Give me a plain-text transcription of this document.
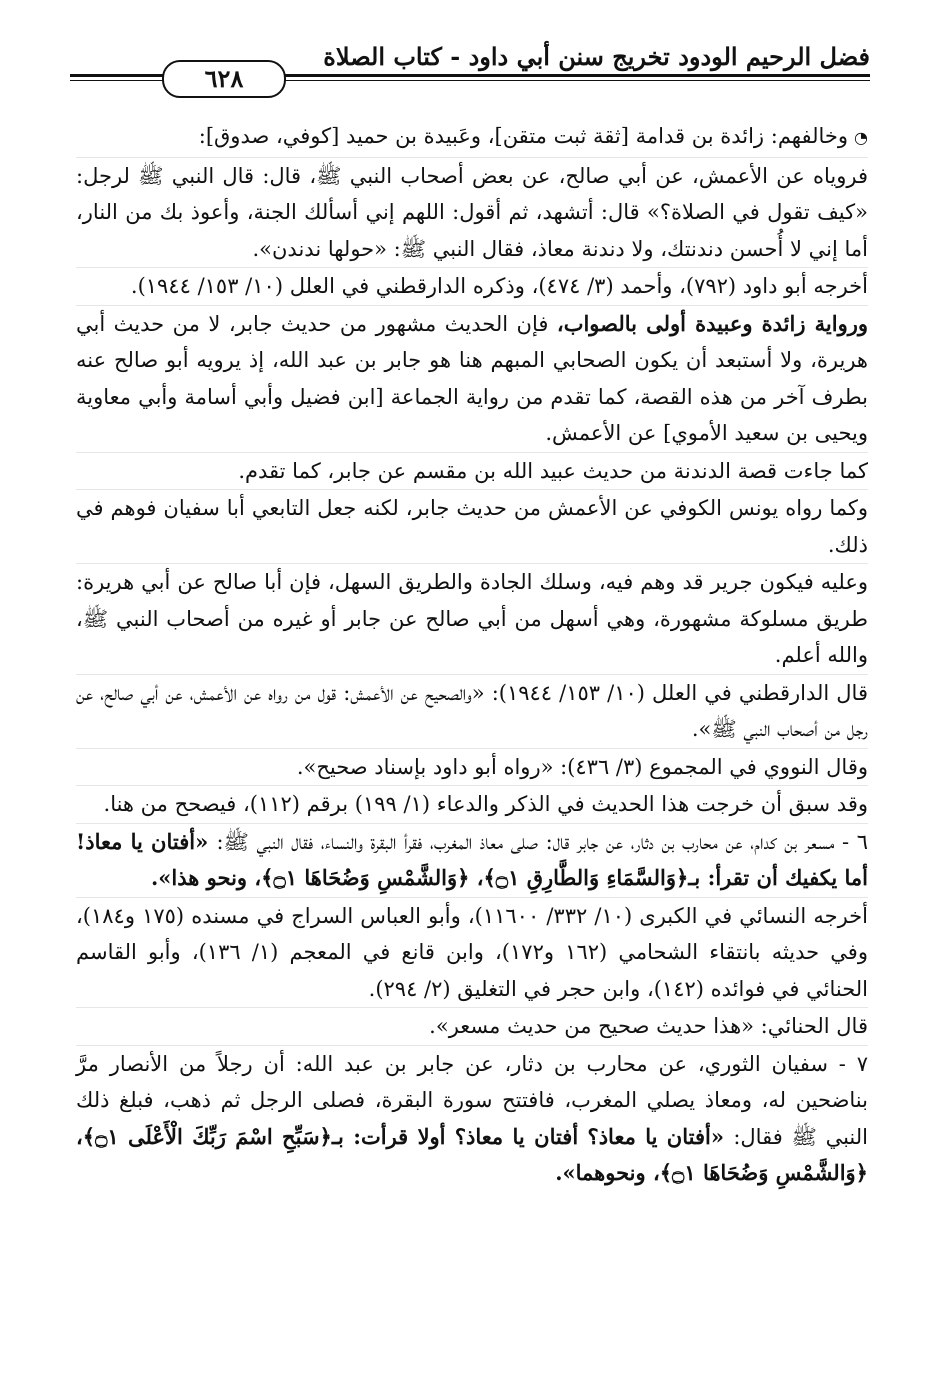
فضل الرحيم الودود تخريج سنن أبي داود - كتاب الصلاة
٦٢٨

◔وخالفهم: زائدة بن قدامة [ثقة ثبت متقن]، وعَبيدة بن حميد [كوفي، صدوق]:

فروياه عن الأعمش، عن أبي صالح، عن بعض أصحاب النبي ﷺ، قال: قال النبي ﷺ لرجل: «كيف تقول في الصلاة؟» قال: أتشهد، ثم أقول: اللهم إني أسألك الجنة، وأعوذ بك من النار، أما إني لا أُحسن دندنتك، ولا دندنة معاذ، فقال النبي ﷺ: «حولها ندندن».

أخرجه أبو داود (٧٩٢)، وأحمد (٣/ ٤٧٤)، وذكره الدارقطني في العلل (١٠/ ١٥٣/ ١٩٤٤).

ورواية زائدة وعبيدة أولى بالصواب، فإن الحديث مشهور من حديث جابر، لا من حديث أبي هريرة، ولا أستبعد أن يكون الصحابي المبهم هنا هو جابر بن عبد الله، إذ يرويه أبو صالح عنه بطرف آخر من هذه القصة، كما تقدم من رواية الجماعة [ابن فضيل وأبي أسامة وأبي معاوية ويحيى بن سعيد الأموي] عن الأعمش.

كما جاءت قصة الدندنة من حديث عبيد الله بن مقسم عن جابر، كما تقدم.

وكما رواه يونس الكوفي عن الأعمش من حديث جابر، لكنه جعل التابعي أبا سفيان فوهم في ذلك.

وعليه فيكون جرير قد وهم فيه، وسلك الجادة والطريق السهل، فإن أبا صالح عن أبي هريرة: طريق مسلوكة مشهورة، وهي أسهل من أبي صالح عن جابر أو غيره من أصحاب النبي ﷺ، والله أعلم.

قال الدارقطني في العلل (١٠/ ١٥٣/ ١٩٤٤): «والصحيح عن الأعمش: قول من رواه عن الأعمش، عن أبي صالح، عن رجل من أصحاب النبي ﷺ».

وقال النووي في المجموع (٣/ ٤٣٦): «رواه أبو داود بإسناد صحيح».

وقد سبق أن خرجت هذا الحديث في الذكر والدعاء (١/ ١٩٩) برقم (١١٢)، فيصحح من هنا.

٦ - مسعر بن كدام، عن محارب بن دثار، عن جابر قال: صلى معاذ المغرب، فقرأ البقرة والنساء، فقال النبي ﷺ: «أفتان يا معاذ! أما يكفيك أن تقرأ: بـ﴿وَالسَّمَاءِ وَالطَّارِقِ ۝١﴾، ﴿وَالشَّمْسِ وَضُحَاهَا ۝١﴾، ونحو هذا».

أخرجه النسائي في الكبرى (١٠/ ٣٣٢/ ١١٦٠٠)، وأبو العباس السراج في مسنده (١٧٥ و١٨٤)، وفي حديثه بانتقاء الشحامي (١٦٢ و١٧٢)، وابن قانع في المعجم (١/ ١٣٦)، وأبو القاسم الحنائي في فوائده (١٤٢)، وابن حجر في التغليق (٢/ ٢٩٤).

قال الحنائي: «هذا حديث صحيح من حديث مسعر».

٧ - سفيان الثوري، عن محارب بن دثار، عن جابر بن عبد الله: أن رجلاً من الأنصار مرَّ بناضحين له، ومعاذ يصلي المغرب، فافتتح سورة البقرة، فصلى الرجل ثم ذهب، فبلغ ذلك النبي ﷺ فقال: «أفتان يا معاذ؟ أفتان يا معاذ؟ أولا قرأت: بـ﴿سَبِّحِ اسْمَ رَبِّكَ الْأَعْلَى ۝١﴾، ﴿وَالشَّمْسِ وَضُحَاهَا ۝١﴾، ونحوهما».
